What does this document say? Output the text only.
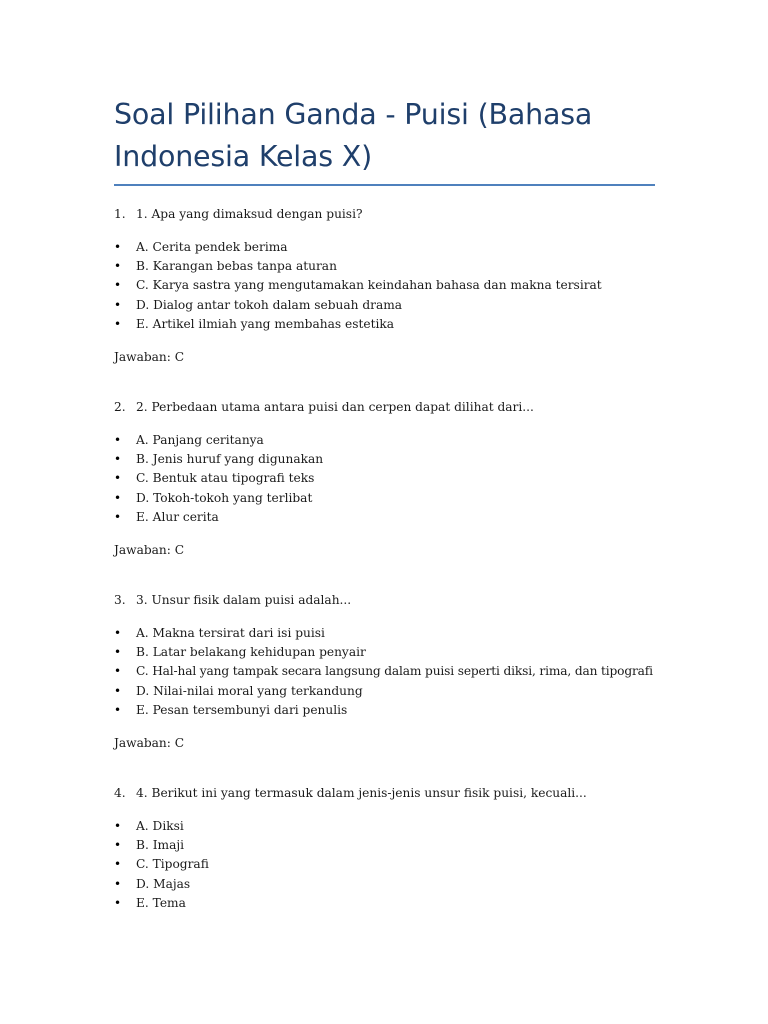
Soal Pilihan Ganda - Puisi (Bahasa
Indonesia Kelas X)
1. 1. Apa yang dimaksud dengan puisi?
•	A. Cerita pendek berima
•	B. Karangan bebas tanpa aturan
•	C. Karya sastra yang mengutamakan keindahan bahasa dan makna tersirat
•	D. Dialog antar tokoh dalam sebuah drama
•	E. Artikel ilmiah yang membahas estetika
Jawaban: C
2. 2. Perbedaan utama antara puisi dan cerpen dapat dilihat dari...
•	A. Panjang ceritanya
•	B. Jenis huruf yang digunakan
•	C. Bentuk atau tipografi teks
•	D. Tokoh-tokoh yang terlibat
•	E. Alur cerita
Jawaban: C
3. 3. Unsur fisik dalam puisi adalah...
•	A. Makna tersirat dari isi puisi
•	B. Latar belakang kehidupan penyair
•	C. Hal-hal yang tampak secara langsung dalam puisi seperti diksi, rima, dan tipografi
•	D. Nilai-nilai moral yang terkandung
•	E. Pesan tersembunyi dari penulis
Jawaban: C
4. 4. Berikut ini yang termasuk dalam jenis-jenis unsur fisik puisi, kecuali...
•	A. Diksi
•	B. Imaji
•	C. Tipografi
•	D. Majas
•	E. Tema
